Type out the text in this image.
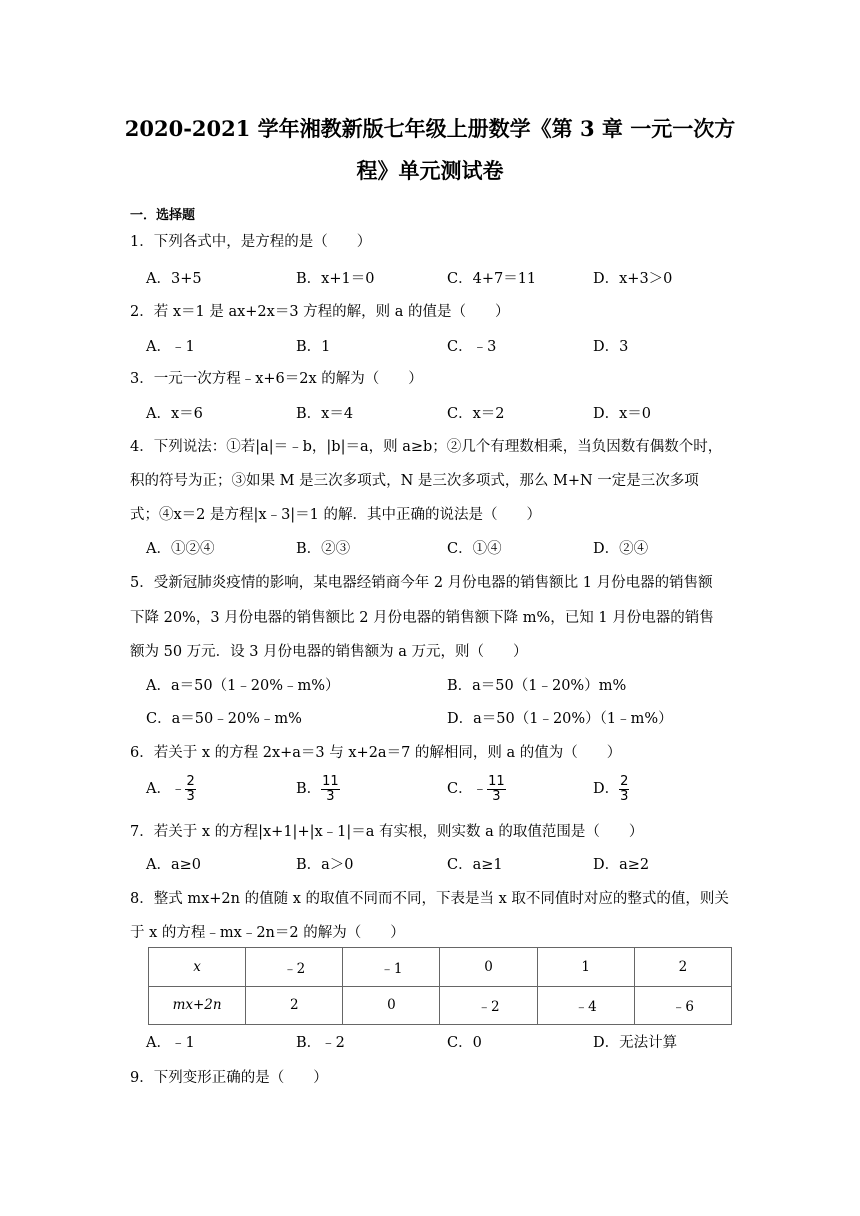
2020-2021 学年湘教新版七年级上册数学《第 3 章 一元一次方
程》单元测试卷
一．选择题
1．下列各式中，是方程的是（　　）
A．3+5	B．x+1＝0	C．4+7＝11	D．x+3＞0
2．若 x＝1 是 ax+2x＝3 方程的解，则 a 的值是（　　）
A．﹣1	B．1	C．﹣3	D．3
3．一元一次方程﹣x+6＝2x 的解为（　　）
A．x＝6	B．x＝4	C．x＝2	D．x＝0
4．下列说法：①若|a|＝﹣b，|b|＝a，则 a≥b；②几个有理数相乘，当负因数有偶数个时，
积的符号为正；③如果 M 是三次多项式，N 是三次多项式，那么 M+N 一定是三次多项
式；④x＝2 是方程|x﹣3|＝1 的解．其中正确的说法是（　　）
A．①②④	B．②③	C．①④	D．②④
5．受新冠肺炎疫情的影响，某电器经销商今年 2 月份电器的销售额比 1 月份电器的销售额
下降 20%，3 月份电器的销售额比 2 月份电器的销售额下降 m%，已知 1 月份电器的销售
额为 50 万元．设 3 月份电器的销售额为 a 万元，则（　　）
A．a＝50（1﹣20%﹣m%）	B．a＝50（1﹣20%）m%
C．a＝50﹣20%﹣m%	D．a＝50（1﹣20%）（1﹣m%）
6．若关于 x 的方程 2x+a＝3 与 x+2a＝7 的解相同，则 a 的值为（　　）
A．﹣ $\frac{2}{3}$	B． $\frac{11}{3}$	C．﹣ $\frac{11}{3}$	D． $\frac{2}{3}$
7．若关于 x 的方程|x+1|+|x﹣1|＝a 有实根，则实数 a 的取值范围是（　　）
A．a≥0	B．a＞0	C．a≥1	D．a≥2
8．整式 mx+2n 的值随 x 的取值不同而不同，下表是当 x 取不同值时对应的整式的值，则关
于 x 的方程﹣mx﹣2n＝2 的解为（　　）
x	﹣2	﹣1	0	1	2
mx+2n	2	0	﹣2	﹣4	﹣6
A．﹣1	B．﹣2	C．0	D．无法计算
9．下列变形正确的是（　　）
